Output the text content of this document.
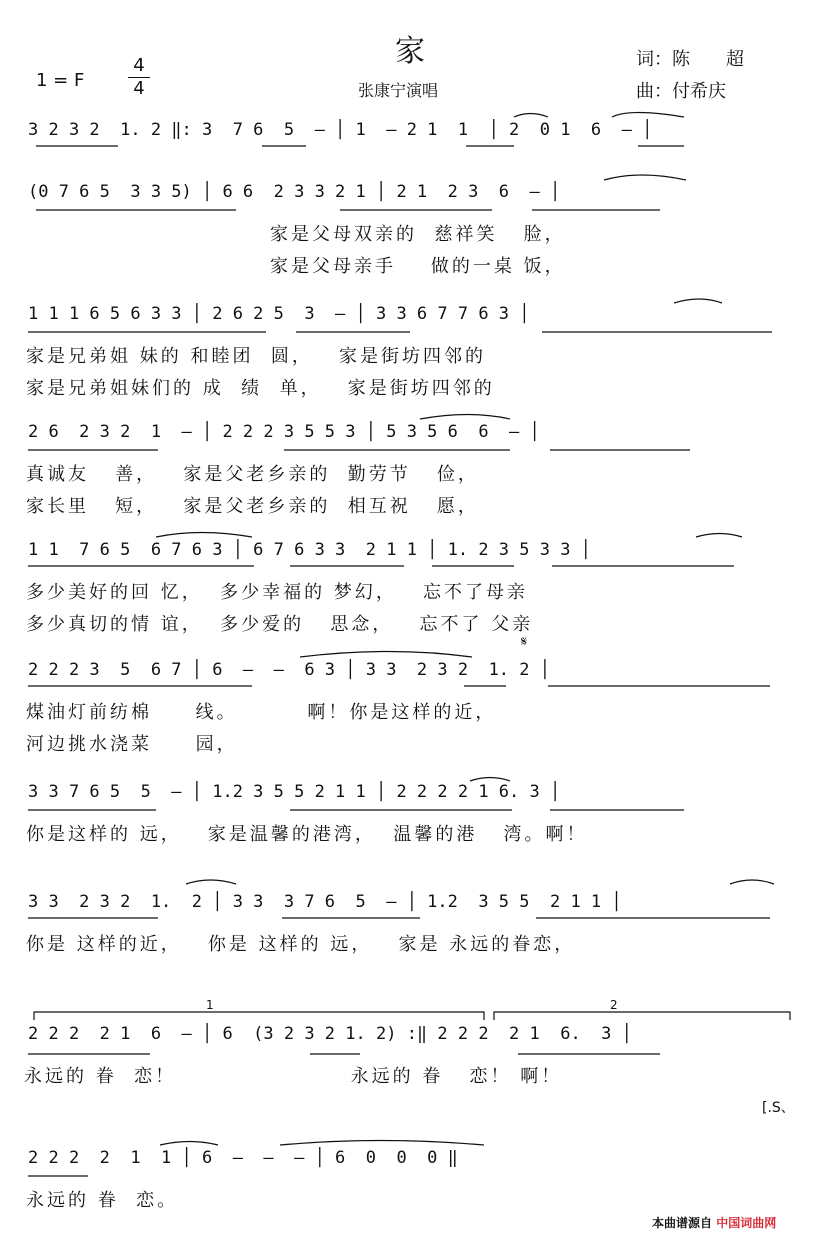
家
1 = F
4
4	张康宁演唱
词：陈　　超
曲：付希庆
3 2 3 2  1. 2 ‖: 3  7 6  5  — │ 1  — 2 1  1  │ 2  0 1  6  — │
(0 7 6 5  3 3 5) │ 6 6  2 3 3 2 1 │ 2 1  2 3  6  — │
家是父母双亲的  慈祥笑   脸，
家是父母亲手    做的一桌 饭，
1 1 1 6 5 6 3 3 │ 2 6 2 5  3  — │ 3 3 6 7 7 6 3 │
家是兄弟姐 妹的 和睦团  圆，   家是街坊四邻的
家是兄弟姐妹们的 成  绩  单，   家是街坊四邻的
2 6  2 3 2  1  — │ 2 2 2 3 5 5 3 │ 5 3 5 6  6  — │
真诚友   善，   家是父老乡亲的  勤劳节   俭，
家长里   短，   家是父老乡亲的  相互祝   愿，
1 1  7 6 5  6 7 6 3 │ 6 7 6 3 3  2 1 1 │ 1. 2 3 5 3 3 │
多少美好的回 忆，  多少幸福的 梦幻，   忘不了母亲
多少真切的情 谊，  多少爱的   思念，   忘不了 父亲
2 2 2 3  5  6 7 │ 6  —  —  6 3 │ 3 3  2 3 2  1. 2 │
煤油灯前纺棉     线。        啊！你是这样的近，
河边挑水浇菜     园，
3 3 7 6 5  5  — │ 1.2 3 5 5 2 1 1 │ 2 2 2 2 1 6. 3 │
你是这样的 远，   家是温馨的港湾，  温馨的港   湾。啊！
3 3  2 3 2  1.  2 │ 3 3  3 7 6  5  — │ 1.2  3 5 5  2 1 1 │
你是 这样的近，   你是 这样的 远，   家是 永远的眷恋，
2 2 2  2 1  6  — │ 6  (3 2 3 2 1. 2) :‖ 2 2 2  2 1  6.  3 │
永远的 眷  恋！                    永远的 眷   恋！ 啊！
2 2 2  2  1  1 │ 6  —  —  — │ 6  0  0  0 ‖
永远的 眷  恋。
𝄋
[.S、
1	2
本曲谱源自 中国词曲网
